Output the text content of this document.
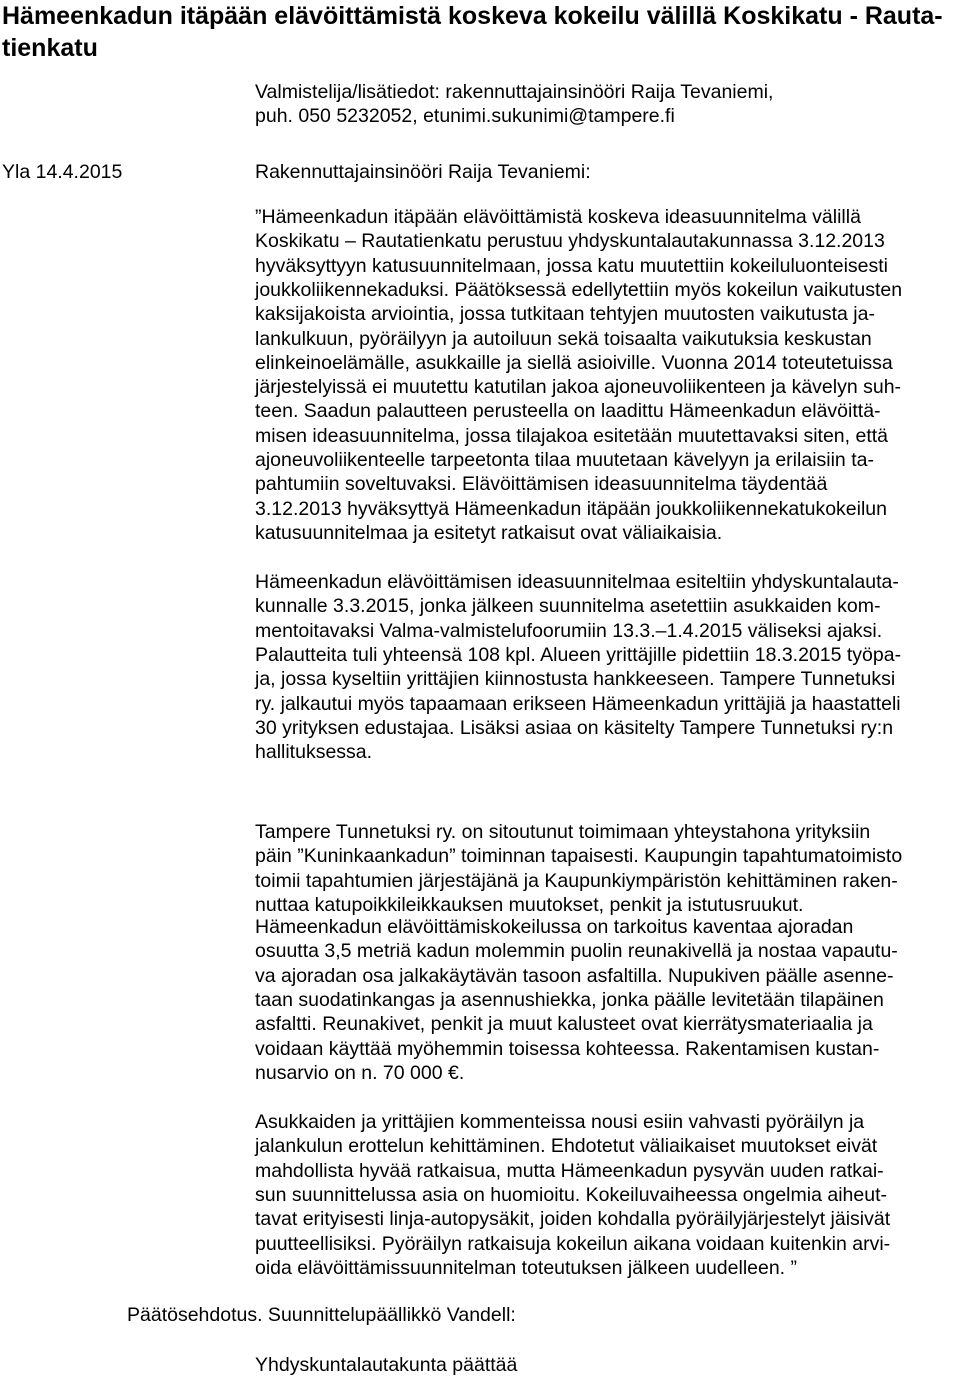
Hämeenkadun itäpään elävöittämistä koskeva kokeilu välillä Koskikatu - Rauta-
tienkatu
Valmistelija/lisätiedot: rakennuttajainsinööri Raija Tevaniemi,
puh. 050 5232052, etunimi.sukunimi@tampere.fi
Yla 14.4.2015	Rakennuttajainsinööri Raija Tevaniemi:
”Hämeenkadun itäpään elävöittämistä koskeva ideasuunnitelma välillä
Koskikatu – Rautatienkatu perustuu yhdyskuntalautakunnassa 3.12.2013
hyväksyttyyn katusuunnitelmaan, jossa katu muutettiin kokeiluluonteisesti
joukkoliikennekaduksi. Päätöksessä edellytettiin myös kokeilun vaikutusten
kaksijakoista arviointia, jossa tutkitaan tehtyjen muutosten vaikutusta ja-
lankulkuun, pyöräilyyn ja autoiluun sekä toisaalta vaikutuksia keskustan
elinkeinoelämälle, asukkaille ja siellä asioiville. Vuonna 2014 toteutetuissa
järjestelyissä ei muutettu katutilan jakoa ajoneuvoliikenteen ja kävelyn suh-
teen. Saadun palautteen perusteella on laadittu Hämeenkadun elävöittä-
misen ideasuunnitelma, jossa tilajakoa esitetään muutettavaksi siten, että
ajoneuvoliikenteelle tarpeetonta tilaa muutetaan kävelyyn ja erilaisiin ta-
pahtumiin soveltuvaksi. Elävöittämisen ideasuunnitelma täydentää
3.12.2013 hyväksyttyä Hämeenkadun itäpään joukkoliikennekatukokeilun
katusuunnitelmaa ja esitetyt ratkaisut ovat väliaikaisia.
Hämeenkadun elävöittämisen ideasuunnitelmaa esiteltiin yhdyskuntalauta-
kunnalle 3.3.2015, jonka jälkeen suunnitelma asetettiin asukkaiden kom-
mentoitavaksi Valma-valmistelufoorumiin 13.3.–1.4.2015 väliseksi ajaksi.
Palautteita tuli yhteensä 108 kpl. Alueen yrittäjille pidettiin 18.3.2015 työpa-
ja, jossa kyseltiin yrittäjien kiinnostusta hankkeeseen. Tampere Tunnetuksi
ry. jalkautui myös tapaamaan erikseen Hämeenkadun yrittäjiä ja haastatteli
30 yrityksen edustajaa. Lisäksi asiaa on käsitelty Tampere Tunnetuksi ry:n
hallituksessa.
Tampere Tunnetuksi ry. on sitoutunut toimimaan yhteystahona yrityksiin
päin ”Kuninkaankadun” toiminnan tapaisesti. Kaupungin tapahtumatoimisto
toimii tapahtumien järjestäjänä ja Kaupunkiympäristön kehittäminen raken-
nuttaa katupoikkileikkauksen muutokset, penkit ja istutusruukut.
Hämeenkadun elävöittämiskokeilussa on tarkoitus kaventaa ajoradan
osuutta 3,5 metriä kadun molemmin puolin reunakivellä ja nostaa vapautu-
va ajoradan osa jalkakäytävän tasoon asfaltilla. Nupukiven päälle asenne-
taan suodatinkangas ja asennushiekka, jonka päälle levitetään tilapäinen
asfaltti. Reunakivet, penkit ja muut kalusteet ovat kierrätysmateriaalia ja
voidaan käyttää myöhemmin toisessa kohteessa. Rakentamisen kustan-
nusarvio on n. 70 000 €.
Asukkaiden ja yrittäjien kommenteissa nousi esiin vahvasti pyöräilyn ja
jalankulun erottelun kehittäminen. Ehdotetut väliaikaiset muutokset eivät
mahdollista hyvää ratkaisua, mutta Hämeenkadun pysyvän uuden ratkai-
sun suunnittelussa asia on huomioitu. Kokeiluvaiheessa ongelmia aiheut-
tavat erityisesti linja-autopysäkit, joiden kohdalla pyöräilyjärjestelyt jäisivät
puutteellisiksi. Pyöräilyn ratkaisuja kokeilun aikana voidaan kuitenkin arvi-
oida elävöittämissuunnitelman toteutuksen jälkeen uudelleen. ”
Päätösehdotus. Suunnittelupäällikkö Vandell:
Yhdyskuntalautakunta päättää
